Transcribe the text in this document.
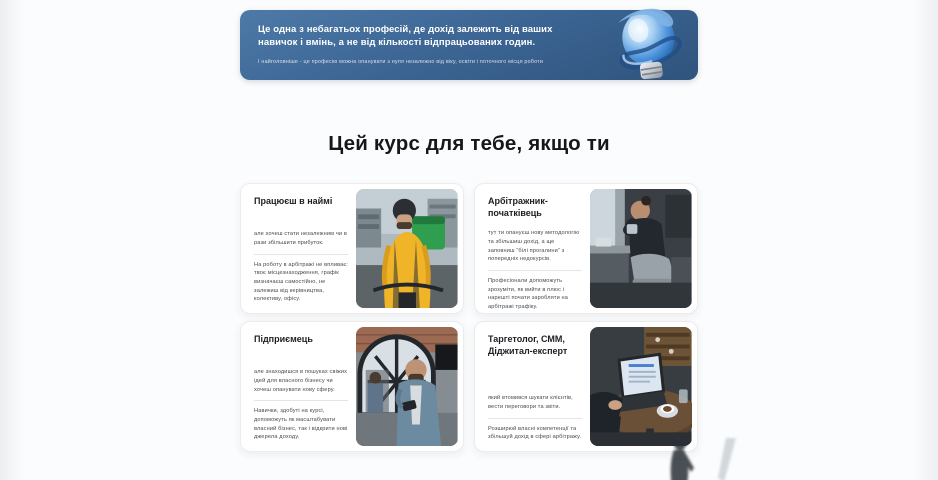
Це одна з небагатьох професій, де дохід залежить від ваших навичок і вмінь, а не від кількості відпрацьованих годин.
І найголовніше - це професію можна опанувати з нуля незалежно від віку, освіти і поточного місця роботи
Цей курс для тебе, якщо ти
Працюєш в наймі

але хочеш стати незалежним чи в рази збільшити прибуток.

На роботу в арбітражі не впливає: твоє місцезнаходження, графік визначаєш самостійно, не залежиш від керівництва, колективу, офісу.

Арбітражник-початківець

тут ти опануєш нову методологію та збільшиш дохід, а ще заповниш “білі прогалини” з попередніх недокурсів.

Професіонали допоможуть зрозуміти, як вийти в плюс і нарешті почати заробляти на арбітражі трафіку.

Підприємець

але знаходишся в пошуках свіжих ідей для власного бізнесу чи хочеш опанувати нову сферу.

Навички, здобуті на курсі, допоможуть як масштабувати власний бізнес, так і відкрити нові джерела доходу.

Таргетолог, СММ, Діджитал-експерт

який втомився шукати клієнтів, вести переговори та звіти.

Розширюй власні компетенції та збільшуй дохід в сфері арбітражу.
